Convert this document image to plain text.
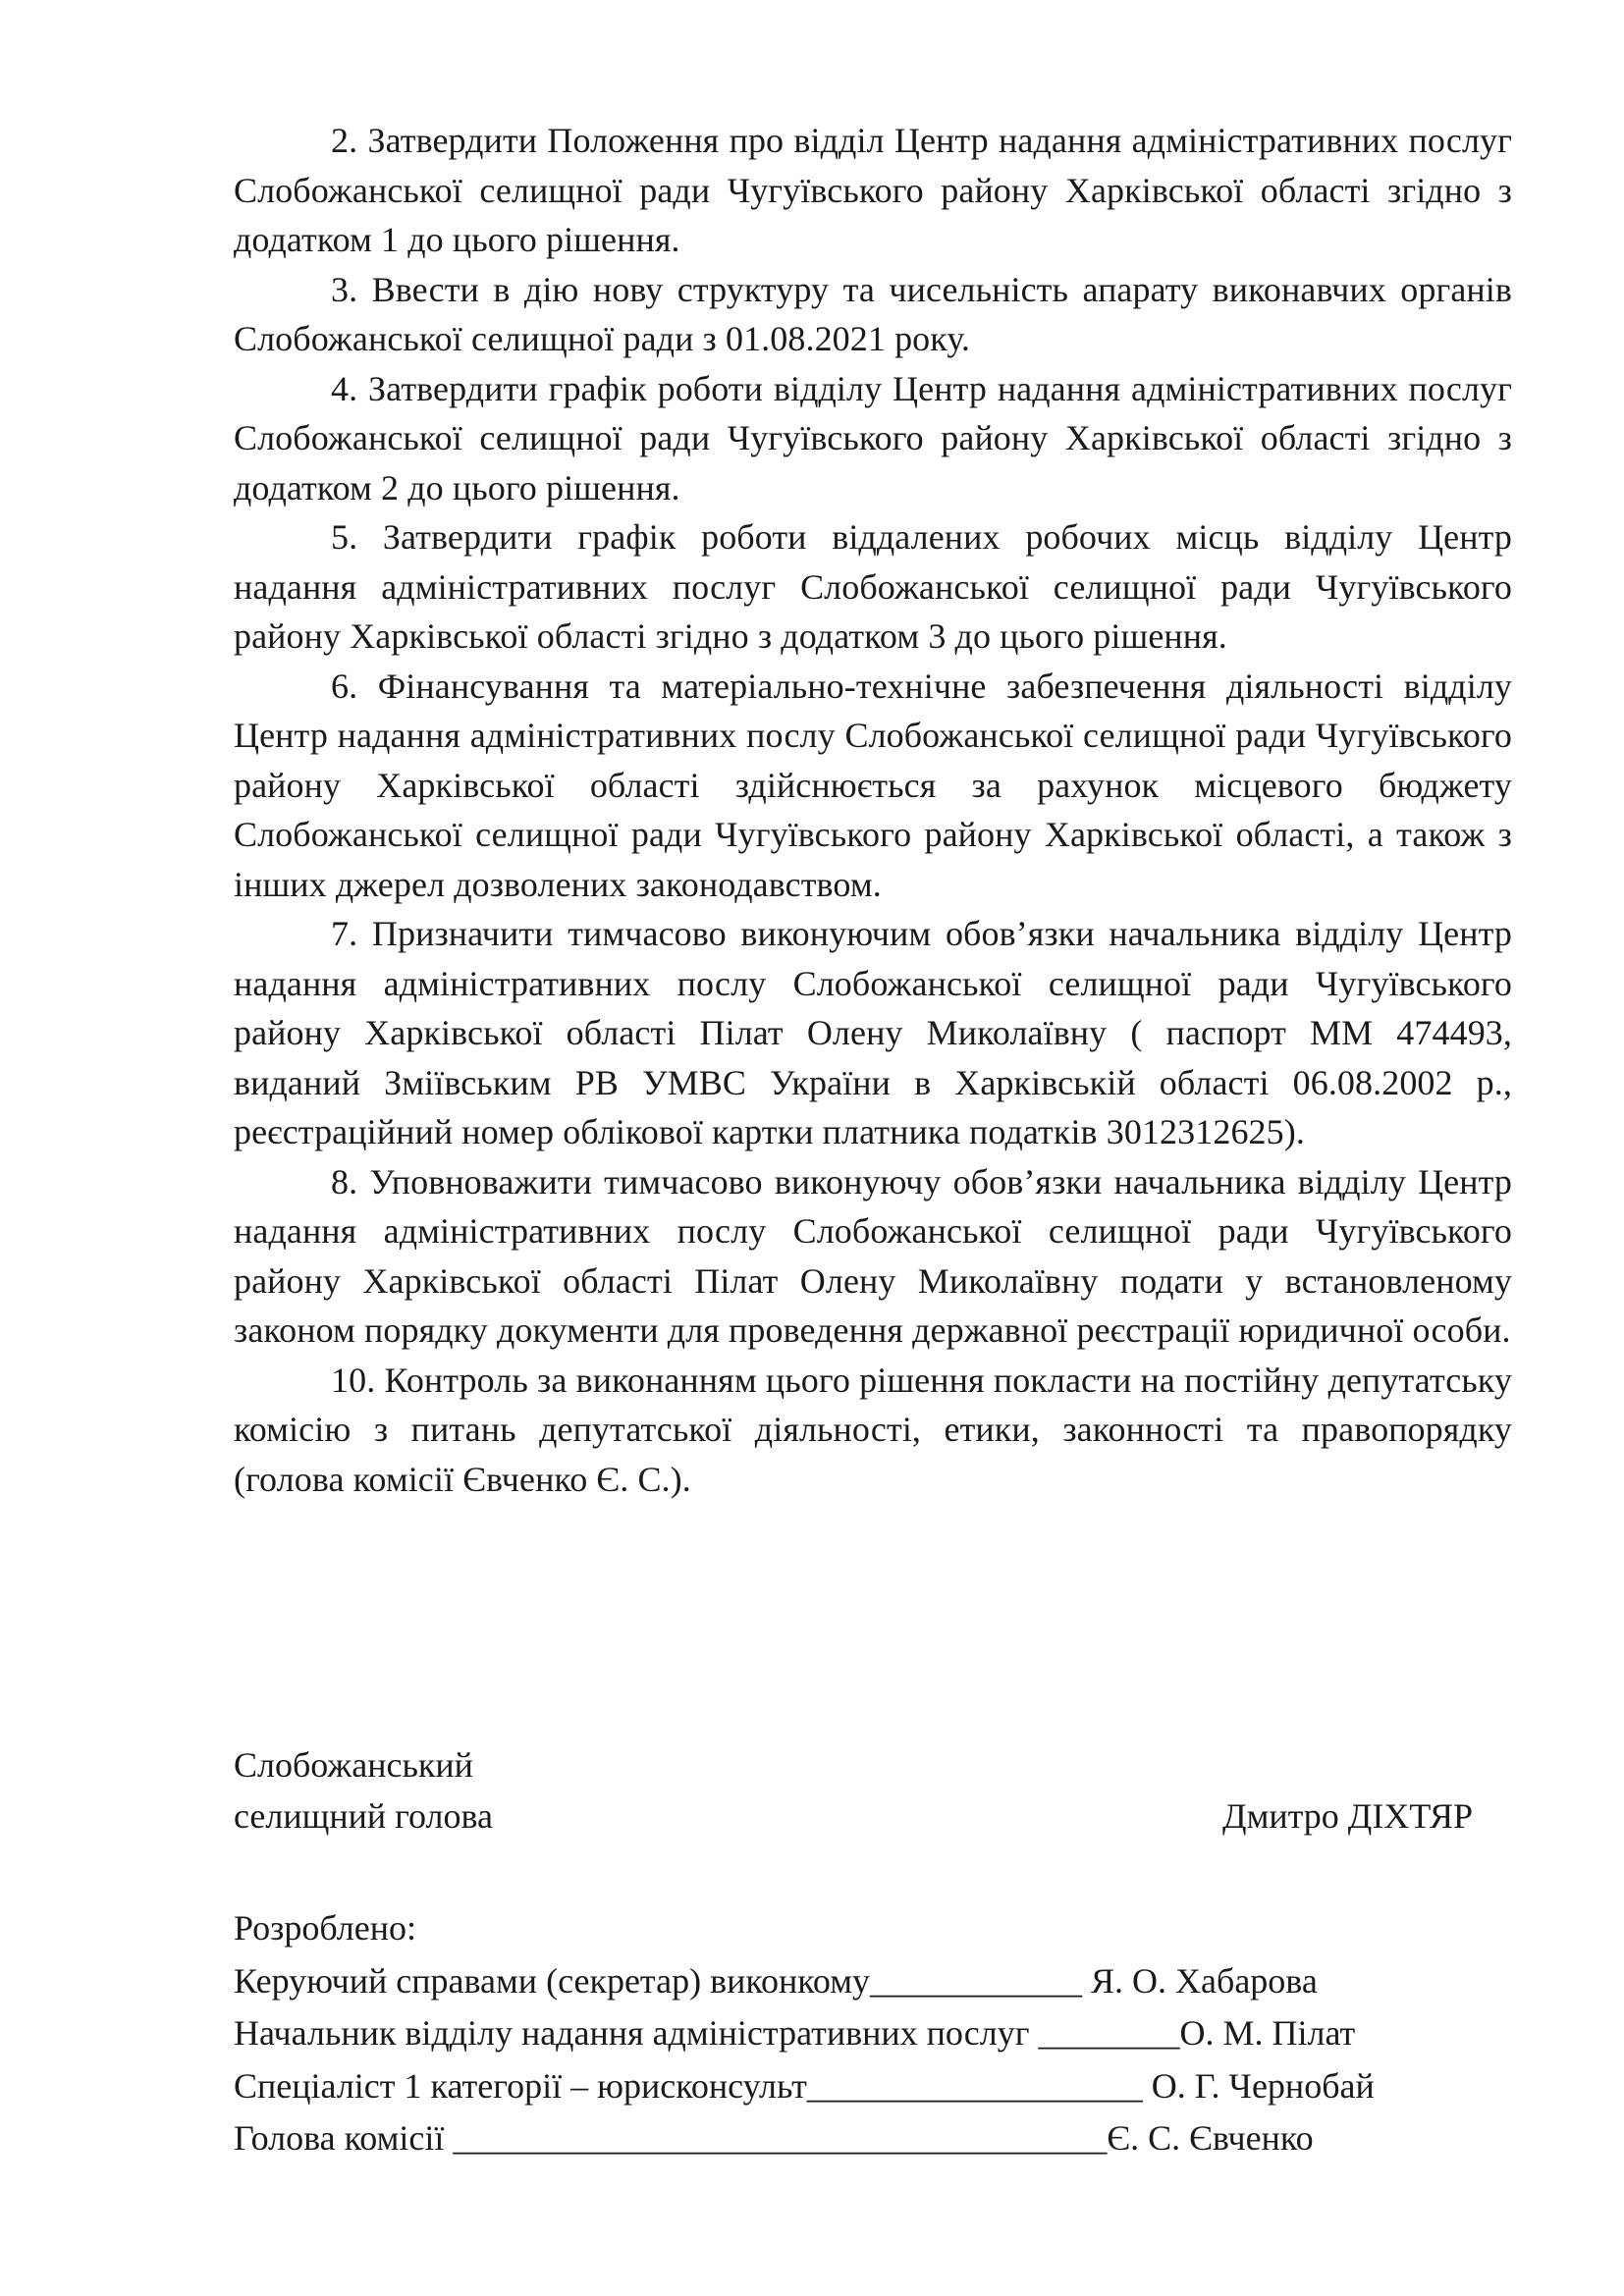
2. Затвердити Положення про відділ Центр надання адміністративних послуг Слобожанської селищної ради Чугуївського району Харківської області згідно з додатком 1 до цього рішення.

3. Ввести в дію нову структуру та чисельність апарату виконавчих органів Слобожанської селищної ради з 01.08.2021 року.

4. Затвердити графік роботи відділу Центр надання адміністративних послуг Слобожанської селищної ради Чугуївського району Харківської області згідно з додатком 2 до цього рішення.

5. Затвердити графік роботи віддалених робочих місць відділу Центр надання адміністративних послуг Слобожанської селищної ради Чугуївського району Харківської області згідно з додатком 3 до цього рішення.

6. Фінансування та матеріально-технічне забезпечення діяльності відділу Центр надання адміністративних послу Слобожанської селищної ради Чугуївського району Харківської області здійснюється за рахунок місцевого бюджету Слобожанської селищної ради Чугуївського району Харківської області, а також з інших джерел дозволених законодавством.

7. Призначити тимчасово виконуючим обов’язки начальника відділу Центр надання адміністративних послу Слобожанської селищної ради Чугуївського району Харківської області Пілат Олену Миколаївну ( паспорт ММ 474493, виданий Зміївським РВ УМВС України в Харківській області 06.08.2002 р., реєстраційний номер облікової картки платника податків 3012312625).

8. Уповноважити тимчасово виконуючу обов’язки начальника відділу Центр надання адміністративних послу Слобожанської селищної ради Чугуївського району Харківської області Пілат Олену Миколаївну подати у встановленому законом порядку документи для проведення державної реєстрації юридичної особи.

10. Контроль за виконанням цього рішення покласти на постійну депутатську комісію з питань депутатської діяльності, етики, законності та правопорядку (голова комісії Євченко Є. С.).

Слобожанський
селищний голова	Дмитро ДІХТЯР
Розроблено:
Керуючий справами (секретар) виконкому____________ Я. О. Хабарова
Начальник відділу надання адміністративних послуг ________О. М. Пілат
Спеціаліст 1 категорії – юрисконсульт___________________ О. Г. Чернобай
Голова комісії _____________________________________Є. С. Євченко
